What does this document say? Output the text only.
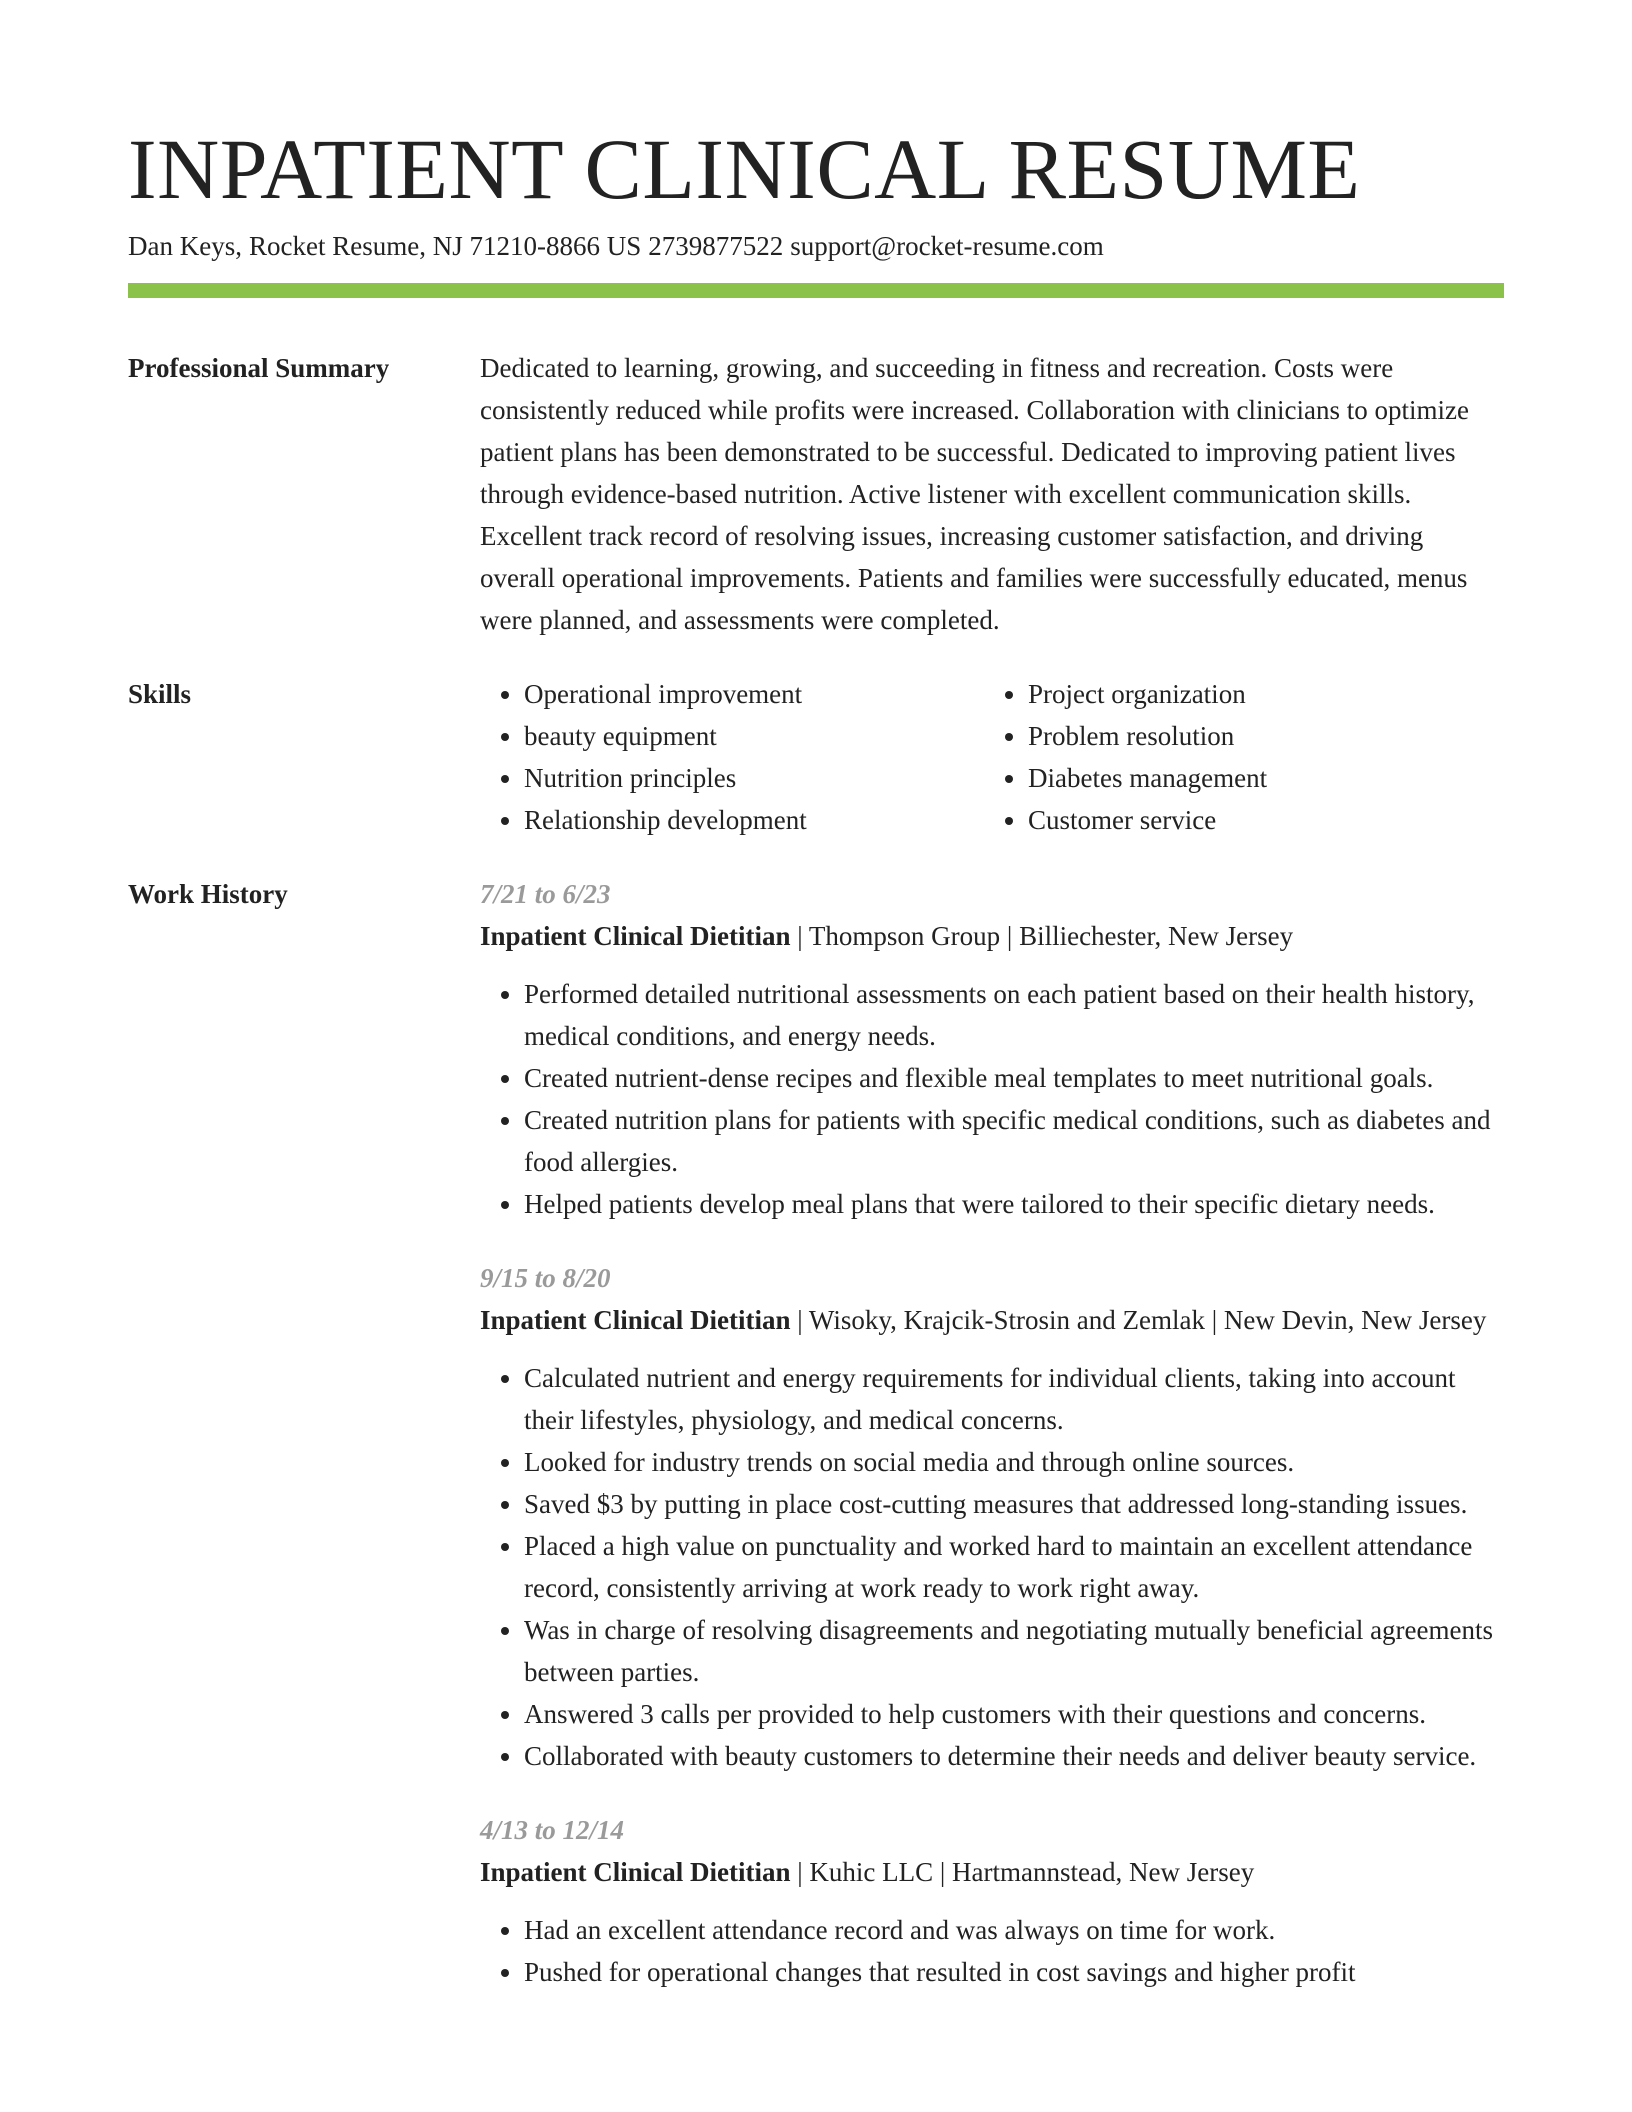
INPATIENT CLINICAL RESUME
Dan Keys, Rocket Resume, NJ 71210-8866 US 2739877522 support@rocket-resume.com
Professional Summary	Dedicated to learning, growing, and succeeding in fitness and recreation. Costs were consistently reduced while profits were increased. Collaboration with clinicians to optimize patient plans has been demonstrated to be successful. Dedicated to improving patient lives through evidence-based nutrition. Active listener with excellent communication skills. Excellent track record of resolving issues, increasing customer satisfaction, and driving overall operational improvements. Patients and families were successfully educated, menus were planned, and assessments were completed.

Skills
•	Operational improvement
• beauty equipment
• Nutrition principles
• Relationship development
• Project organization
• Problem resolution
• Diabetes management
• Customer service
Work History	7/21 to 6/23
Inpatient Clinical Dietitian | Thompson Group | Billiechester, New Jersey
• Performed detailed nutritional assessments on each patient based on their health history, medical conditions, and energy needs.
• Created nutrient-dense recipes and flexible meal templates to meet nutritional goals.
• Created nutrition plans for patients with specific medical conditions, such as diabetes and food allergies.
• Helped patients develop meal plans that were tailored to their specific dietary needs.
9/15 to 8/20
Inpatient Clinical Dietitian | Wisoky, Krajcik-Strosin and Zemlak | New Devin, New Jersey
• Calculated nutrient and energy requirements for individual clients, taking into account their lifestyles, physiology, and medical concerns.
• Looked for industry trends on social media and through online sources.
• Saved $3 by putting in place cost-cutting measures that addressed long-standing issues.
• Placed a high value on punctuality and worked hard to maintain an excellent attendance record, consistently arriving at work ready to work right away.
• Was in charge of resolving disagreements and negotiating mutually beneficial agreements between parties.
• Answered 3 calls per provided to help customers with their questions and concerns.
• Collaborated with beauty customers to determine their needs and deliver beauty service.
4/13 to 12/14
Inpatient Clinical Dietitian | Kuhic LLC | Hartmannstead, New Jersey
• Had an excellent attendance record and was always on time for work.
• Pushed for operational changes that resulted in cost savings and higher profit
